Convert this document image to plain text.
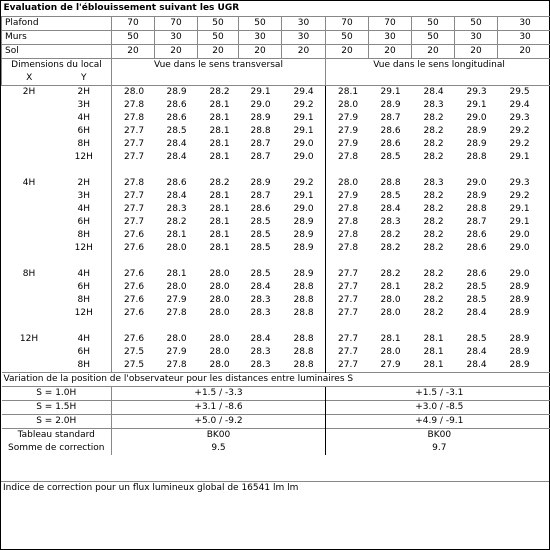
Evaluation de l'éblouissement suivant les UGR											
Plafond		70	70	50	50	30	70	70	50	50	30
Murs		50	30	50	30	30	50	30	50	30	30
Sol		20	20	20	20	20	20	20	20	20	20
Dimensions du local		Vue dans le sens transversal					Vue dans le sens longitudinal				
X	Y										
2H	2H	28.0	28.9	28.2	29.1	29.4	28.1	29.1	28.4	29.3	29.5
	3H	27.8	28.6	28.1	29.0	29.2	28.0	28.9	28.3	29.1	29.4
	4H	27.8	28.6	28.1	28.9	29.1	27.9	28.7	28.2	29.0	29.3
	6H	27.7	28.5	28.1	28.8	29.1	27.9	28.6	28.2	28.9	29.2
	8H	27.7	28.4	28.1	28.7	29.0	27.9	28.6	28.2	28.9	29.2
	12H	27.7	28.4	28.1	28.7	29.0	27.8	28.5	28.2	28.8	29.1

4H	2H	27.8	28.6	28.2	28.9	29.2	28.0	28.8	28.3	29.0	29.3
	3H	27.7	28.4	28.1	28.7	29.1	27.9	28.5	28.2	28.9	29.2
	4H	27.7	28.3	28.1	28.6	29.0	27.8	28.4	28.2	28.8	29.1
	6H	27.7	28.2	28.1	28.5	28.9	27.8	28.3	28.2	28.7	29.1
	8H	27.6	28.1	28.1	28.5	28.9	27.8	28.2	28.2	28.6	29.0
	12H	27.6	28.0	28.1	28.5	28.9	27.8	28.2	28.2	28.6	29.0

8H	4H	27.6	28.1	28.0	28.5	28.9	27.7	28.2	28.2	28.6	29.0
	6H	27.6	28.0	28.0	28.4	28.8	27.7	28.1	28.2	28.5	28.9
	8H	27.6	27.9	28.0	28.3	28.8	27.7	28.0	28.2	28.5	28.9
	12H	27.6	27.8	28.0	28.3	28.8	27.7	28.0	28.2	28.4	28.9

12H	4H	27.6	28.0	28.0	28.4	28.8	27.7	28.1	28.1	28.5	28.9
	6H	27.5	27.9	28.0	28.3	28.8	27.7	28.0	28.1	28.4	28.9
	8H	27.5	27.8	28.0	28.3	28.8	27.7	27.9	28.1	28.4	28.9
Variation de la position de l'observateur pour les distances entre luminaires S											
S = 1.0H		+1.5 / -3.3					+1.5 / -3.1				
S = 1.5H		+3.1 / -8.6					+3.0 / -8.5				
S = 2.0H		+5.0 / -9.2					+4.9 / -9.1				
Tableau standard		BK00					BK00				
Somme de correction		9.5					9.7				
Indice de correction pour un flux lumineux global de 16541 lm lm
